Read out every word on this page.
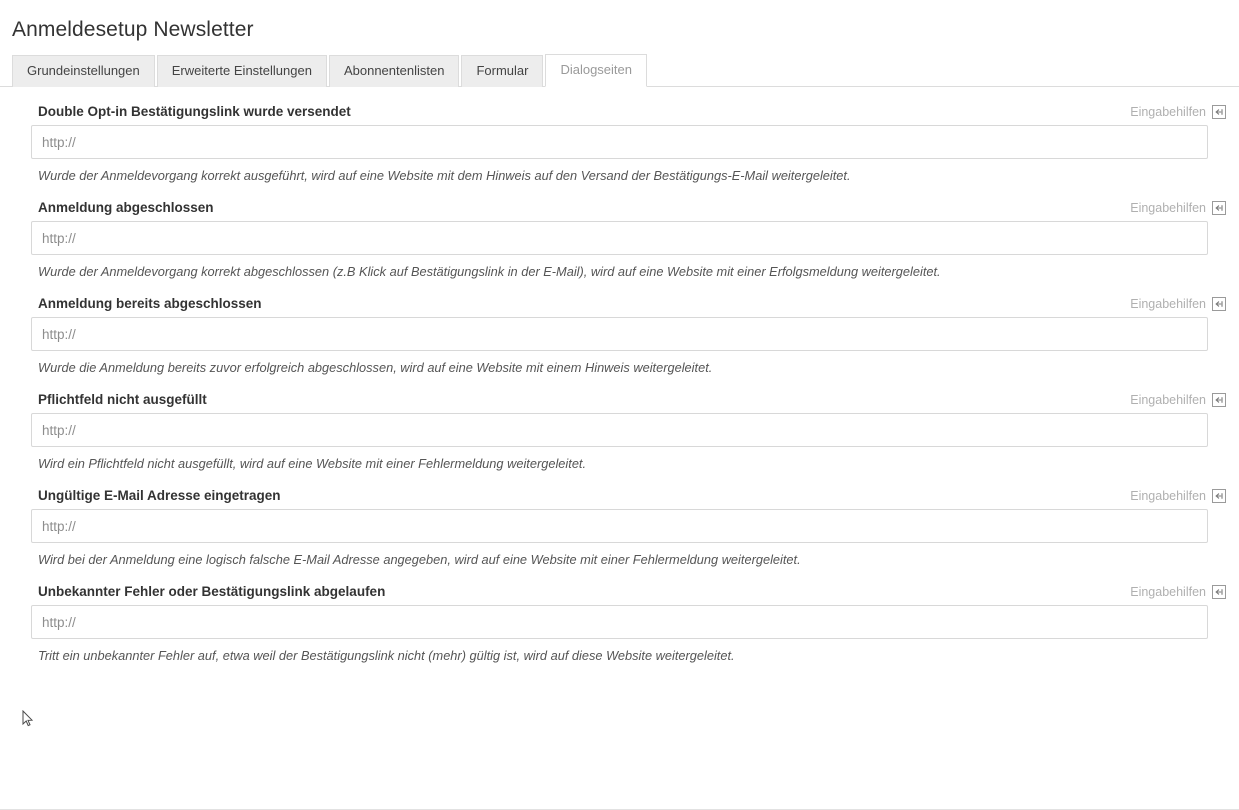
Anmeldesetup Newsletter
Grundeinstellungen	Erweiterte Einstellungen	Abonnentenlisten	Formular	Dialogseiten
Double Opt-in Bestätigungslink wurde versendet	Eingabehilfen
http://
Wurde der Anmeldevorgang korrekt ausgeführt, wird auf eine Website mit dem Hinweis auf den Versand der Bestätigungs-E-Mail weitergeleitet.
Anmeldung abgeschlossen	Eingabehilfen
http://
Wurde der Anmeldevorgang korrekt abgeschlossen (z.B Klick auf Bestätigungslink in der E-Mail), wird auf eine Website mit einer Erfolgsmeldung weitergeleitet.
Anmeldung bereits abgeschlossen	Eingabehilfen
http://
Wurde die Anmeldung bereits zuvor erfolgreich abgeschlossen, wird auf eine Website mit einem Hinweis weitergeleitet.
Pflichtfeld nicht ausgefüllt	Eingabehilfen
http://
Wird ein Pflichtfeld nicht ausgefüllt, wird auf eine Website mit einer Fehlermeldung weitergeleitet.
Ungültige E-Mail Adresse eingetragen	Eingabehilfen
http://
Wird bei der Anmeldung eine logisch falsche E-Mail Adresse angegeben, wird auf eine Website mit einer Fehlermeldung weitergeleitet.
Unbekannter Fehler oder Bestätigungslink abgelaufen	Eingabehilfen
http://
Tritt ein unbekannter Fehler auf, etwa weil der Bestätigungslink nicht (mehr) gültig ist, wird auf diese Website weitergeleitet.
